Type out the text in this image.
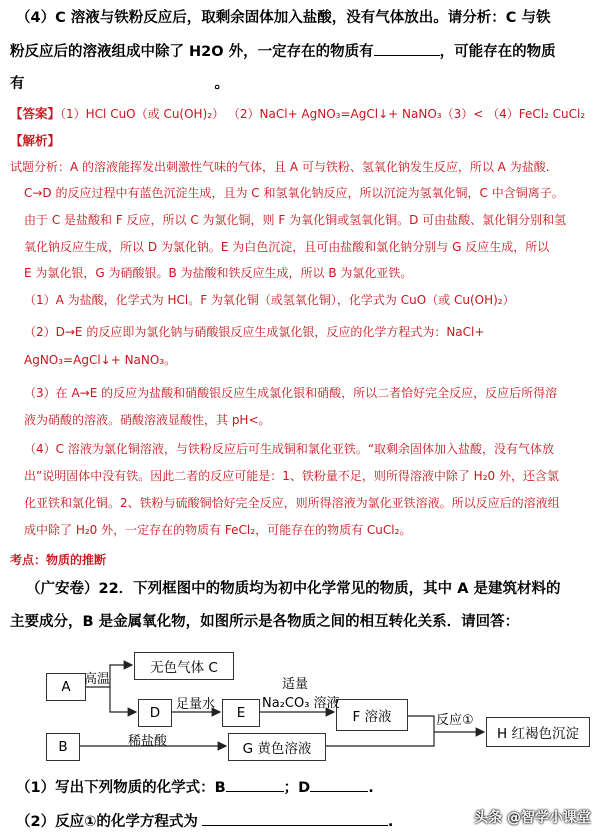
（4）C 溶液与铁粉反应后，取剩余固体加入盐酸，没有气体放出。请分析：C 与铁
粉反应后的溶液组成中除了 H2O 外，一定存在的物质有	，可能存在的物质
有	。
【答案】（1）HCl CuO（或 Cu(OH)₂） （2）NaCl+ AgNO₃=AgCl↓+ NaNO₃（3）< （4）FeCl₂ CuCl₂
【解析】
试题分析：A 的溶液能挥发出刺激性气味的气体，且 A 可与铁粉、氢氧化钠发生反应，所以 A 为盐酸.
C→D 的反应过程中有蓝色沉淀生成，且为 C 和氢氧化钠反应，所以沉淀为氢氧化铜，C 中含铜离子。
由于 C 是盐酸和 F 反应，所以 C 为氯化铜，则 F 为氧化铜或氢氧化铜。D 可由盐酸、氯化铜分别和氢
氧化钠反应生成，所以 D 为氯化钠。E 为白色沉淀，且可由盐酸和氯化钠分别与 G 反应生成，所以
E 为氯化银，G 为硝酸银。B 为盐酸和铁反应生成，所以 B 为氯化亚铁。
（1）A 为盐酸，化学式为 HCl。F 为氧化铜（或氢氧化铜），化学式为 CuO（或 Cu(OH)₂）
（2）D→E 的反应即为氯化钠与硝酸银反应生成氯化银，反应的化学方程式为：NaCl+
AgNO₃=AgCl↓+ NaNO₃。
（3）在 A→E 的反应为盐酸和硝酸银反应生成氯化银和硝酸，所以二者恰好完全反应，反应后所得溶
液为硝酸的溶液。硝酸溶液显酸性，其 pH<。
（4）C 溶液为氯化铜溶液，与铁粉反应后可生成铜和氯化亚铁。“取剩余固体加入盐酸，没有气体放
出”说明固体中没有铁。因此二者的反应可能是：1、铁粉量不足，则所得溶液中除了 H₂0 外，还含氯
化亚铁和氯化铜。2、铁粉与硫酸铜恰好完全反应，则所得溶液为氯化亚铁溶液。所以反应后的溶液组
成中除了 H₂0 外，一定存在的物质有 FeCl₂，可能存在的物质有 CuCl₂。
考点：物质的推断
（广安卷）22．下列框图中的物质均为初中化学常见的物质，其中 A 是建筑材料的
主要成分，B 是金属氧化物，如图所示是各物质之间的相互转化关系．请回答：
A
B
无色气体 C
D	E	F 溶液
G 黄色溶液
H 红褐色沉淀
高温
足量水
适量
Na₂CO₃ 溶液
稀盐酸
反应①
（1）写出下列物质的化学式：B	；D	.
（2）反应①的化学方程式为	.	头条 @智学小课堂
